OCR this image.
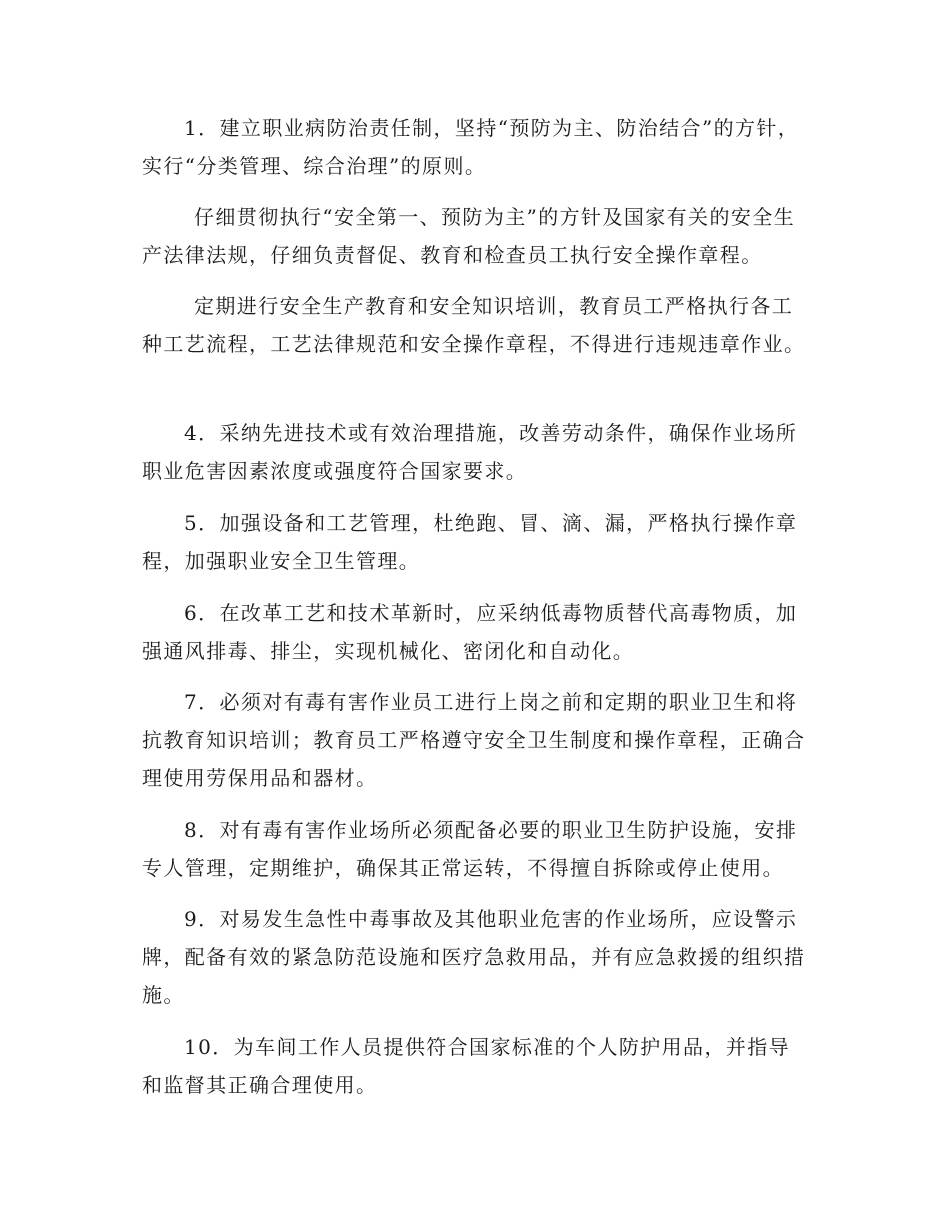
1．建立职业病防治责任制，坚持“预防为主、防治结合”的方针，实行“分类管理、综合治理”的原则。

仔细贯彻执行“安全第一、预防为主”的方针及国家有关的安全生产法律法规，仔细负责督促、教育和检查员工执行安全操作章程。

定期进行安全生产教育和安全知识培训，教育员工严格执行各工种工艺流程，工艺法律规范和安全操作章程，不得进行违规违章作业。

4．采纳先进技术或有效治理措施，改善劳动条件，确保作业场所职业危害因素浓度或强度符合国家要求。

5．加强设备和工艺管理，杜绝跑、冒、滴、漏，严格执行操作章程，加强职业安全卫生管理。

6．在改革工艺和技术革新时，应采纳低毒物质替代高毒物质，加强通风排毒、排尘，实现机械化、密闭化和自动化。

7．必须对有毒有害作业员工进行上岗之前和定期的职业卫生和将抗教育知识培训；教育员工严格遵守安全卫生制度和操作章程，正确合理使用劳保用品和器材。

8．对有毒有害作业场所必须配备必要的职业卫生防护设施，安排专人管理，定期维护，确保其正常运转，不得擅自拆除或停止使用。

9．对易发生急性中毒事故及其他职业危害的作业场所，应设警示牌，配备有效的紧急防范设施和医疗急救用品，并有应急救援的组织措施。

10．为车间工作人员提供符合国家标准的个人防护用品，并指导和监督其正确合理使用。
